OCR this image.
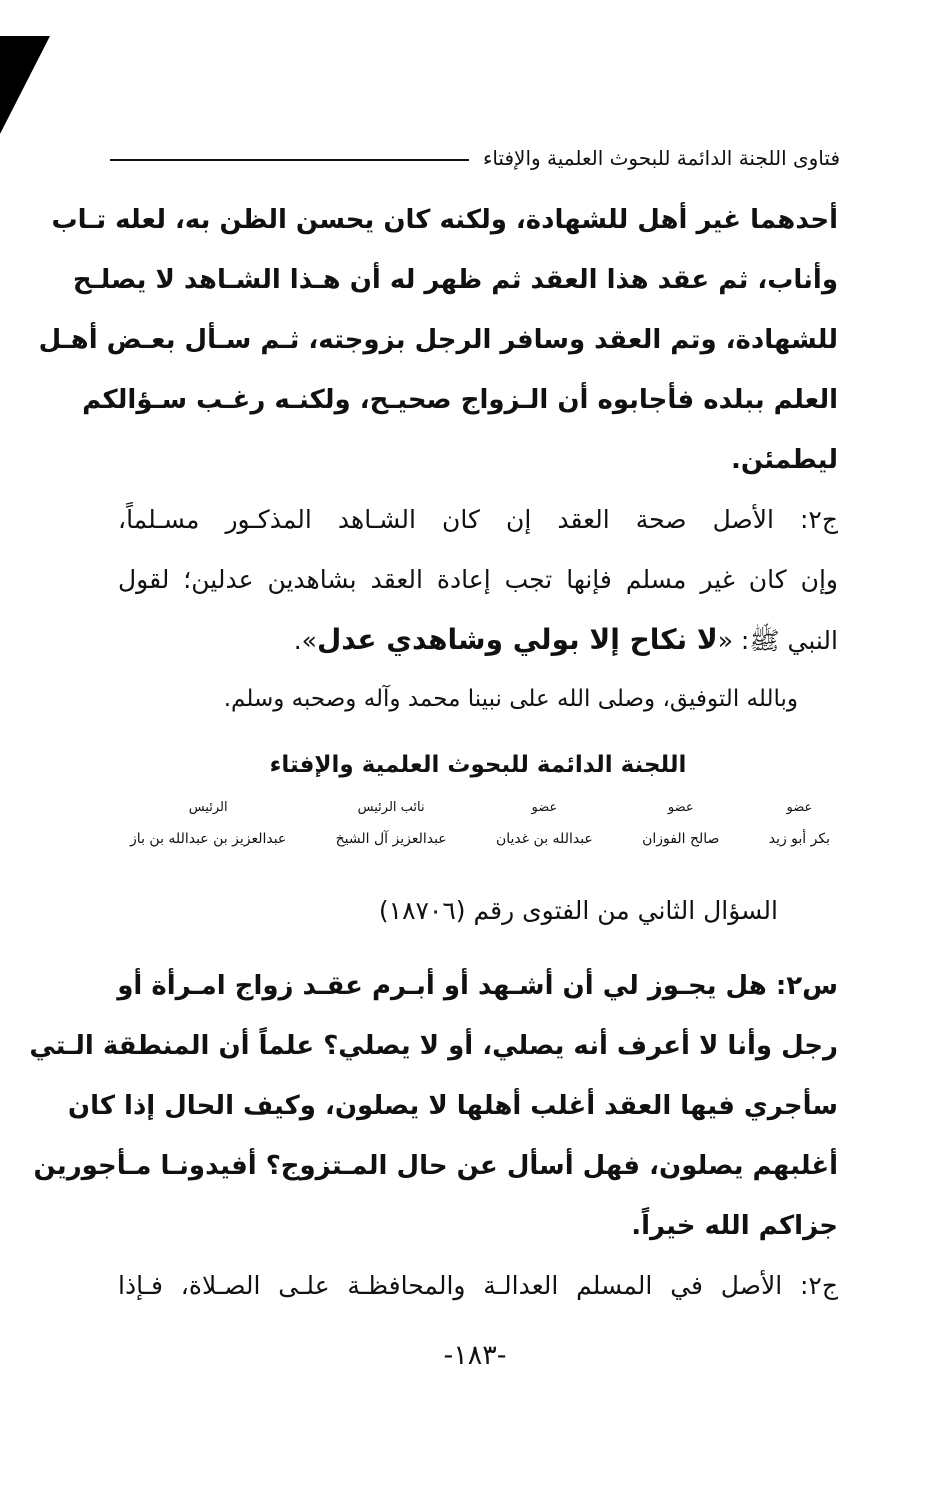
فتاوى اللجنة الدائمة للبحوث العلمية والإفتاء
أحدهما غير أهل للشهادة، ولكنه كان يحسن الظن به، لعله تـاب
وأناب، ثم عقد هذا العقد ثم ظهر له أن هـذا الشـاهد لا يصلـح
للشهادة، وتم العقد وسافر الرجل بزوجته، ثـم سـأل بعـض أهـل
العلم ببلده فأجابوه أن الـزواج صحيـح، ولكنـه رغـب سـؤالكم
ليطمئن.
ج٢: الأصل صحة العقد إن كان الشـاهد المذكـور مسـلماً،
وإن كان غير مسلم فإنها تجب إعادة العقد بشاهدين عدلين؛ لقول
النبي ﷺ: «لا نكاح إلا بولي وشاهدي عدل».
وبالله التوفيق، وصلى الله على نبينا محمد وآله وصحبه وسلم.
اللجنة الدائمة للبحوث العلمية والإفتاء
عضو
بكر أبو زيد
عضو
صالح الفوزان
عضو
عبدالله بن غديان
نائب الرئيس
عبدالعزيز آل الشيخ
الرئيس
عبدالعزيز بن عبدالله بن باز
السؤال الثاني من الفتوى رقم (١٨٧٠٦)
س٢: هل يجـوز لي أن أشـهد أو أبـرم عقـد زواج امـرأة أو
رجل وأنا لا أعرف أنه يصلي، أو لا يصلي؟ علماً أن المنطقة الـتي
سأجري فيها العقد أغلب أهلها لا يصلون، وكيف الحال إذا كان
أغلبهم يصلون، فهل أسأل عن حال المـتزوج؟ أفيدونـا مـأجورين
جزاكم الله خيراً.
ج٢: الأصل في المسلم العدالـة والمحافظـة علـى الصـلاة، فـإذا
-١٨٣-
